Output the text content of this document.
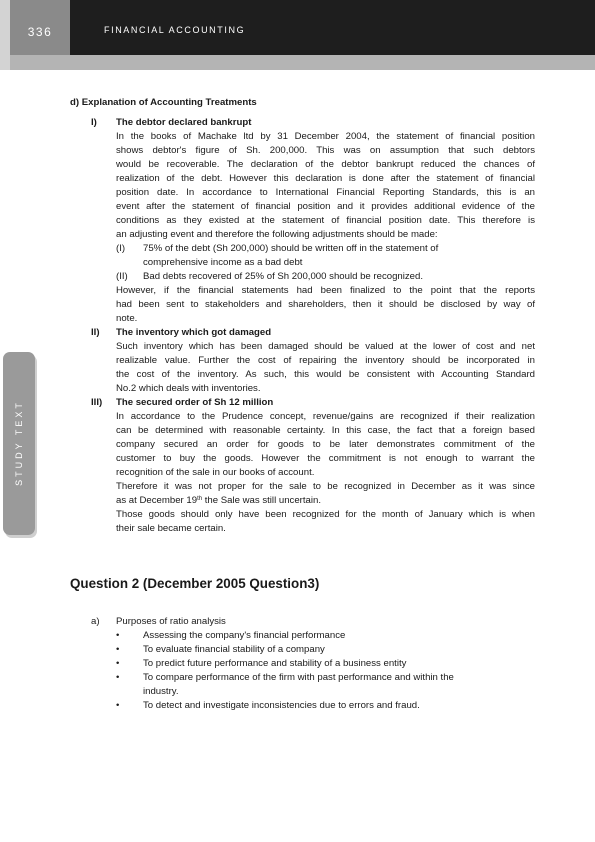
336	FINANCIAL ACCOUNTING
STUDY TEXT
d) Explanation of Accounting Treatments
I) The debtor declared bankrupt
In the books of Machake ltd by 31 December 2004, the statement of financial position
shows debtor's figure of Sh. 200,000. This was on assumption that such debtors
would be recoverable. The declaration of the debtor bankrupt reduced the chances of
realization of the debt. However this declaration is done after the statement of financial
position date. In accordance to International Financial Reporting Standards, this is an
event after the statement of financial position and it provides additional evidence of the
conditions as they existed at the statement of financial position date. This therefore is
an adjusting event and therefore the following adjustments should be made:
(I) 75% of the debt (Sh 200,000) should be written off in the statement of
comprehensive income as a bad debt
(II) Bad debts recovered of 25% of Sh 200,000 should be recognized.
However, if the financial statements had been finalized to the point that the reports
had been sent to stakeholders and shareholders, then it should be disclosed by way of
note.
II) The inventory which got damaged
Such inventory which has been damaged should be valued at the lower of cost and net
realizable value. Further the cost of repairing the inventory should be incorporated in
the cost of the inventory. As such, this would be consistent with Accounting Standard
No.2 which deals with inventories.
III) The secured order of Sh 12 million
In accordance to the Prudence concept, revenue/gains are recognized if their realization
can be determined with reasonable certainty. In this case, the fact that a foreign based
company secured an order for goods to be later demonstrates commitment of the
customer to buy the goods. However the commitment is not enough to warrant the
recognition of the sale in our books of account.
Therefore it was not proper for the sale to be recognized in December as it was since
as at December 19th the Sale was still uncertain.
Those goods should only have been recognized for the month of January which is when
their sale became certain.
Question 2 (December 2005 Question3)
a) Purposes of ratio analysis
• Assessing the company's financial performance
• To evaluate financial stability of a company
• To predict future performance and stability of a business entity
• To compare performance of the firm with past performance and within the
industry.
• To detect and investigate inconsistencies due to errors and fraud.
